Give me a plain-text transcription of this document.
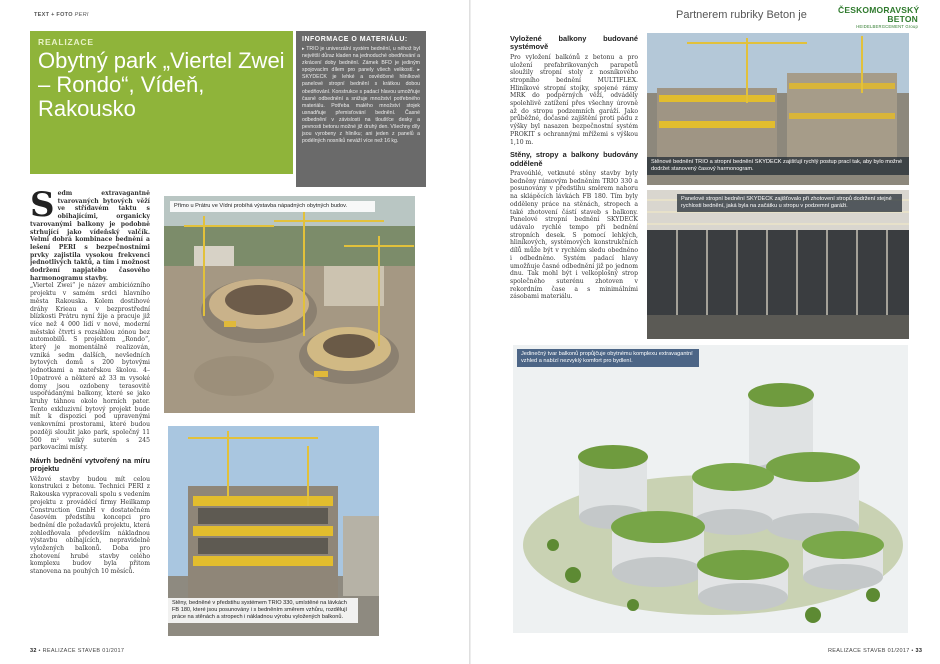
TEXT + FOTO PERI
REALIZACE
Obytný park „Viertel Zwei – Rondo“, Vídeň, Rakousko
INFORMACE O MATERIÁLU:
▸ TRIO je univerzální systém bednění, u něhož byl největší důraz kladen na jednoduché obedňování a zkrácení doby bednění. Zámek BFD je jediným spojovacím dílem pro panely všech velikostí. ▸ SKYDECK je lehké a osvědčené hliníkové panelové stropní bednění s krátkou dobou obedňování. Konstrukce s padací hlavou umožňuje časné odbednění a snižuje množství potřebného materiálu. Potřeba malého množství stojek usnadňuje přemisťování bednění. Časné odbednění v závislosti na tloušťce desky a pevnosti betonu možné již druhý den. Všechny díly jsou vyrobeny z hliníku; ani jeden z panelů a podélných nosníků neváží více než 16 kg.

Sedm extravagantně tvarovaných bytových věží ve střídavém taktu s obihajícími, organicky tvarovanými balkony je podobně strhující jako vídeňský valčík. Velmi dobrá kombinace bednění a lešení PERI s bezpečnostními prvky zajistila vysokou frekvenci jednotlivých taktů, a tím i možnost dodržení napjatého časového harmonogramu stavby.

„Viertel Zwei“ je název ambiciózního projektu v samém srdci hlavního města Rakouska. Kolem dostihové dráhy Krieau a v bezprostřední blízkosti Prátru nyní žije a pracuje již více než 4 000 lidí v nové, moderní městské čtvrti s rozsáhlou zónou bez automobilů. S projektem „Rondo“, který je momentálně realizován, vzniká sedm dalších, nevšedních bytových domů s 200 bytovými jednotkami a mateřskou školou. 4–10patrové a některé až 33 m vysoké domy jsou ozdobeny terasovitě uspořádanými balkony, které se jako kruhy táhnou okolo horních pater. Tento exkluzivní bytový projekt bude mít k dispozici pod upravenými venkovními prostorami, které budou později sloužit jako park, společný 11 500 m² velký suterén s 245 parkovacími místy.

Návrh bednění vytvořený na míru projektu

Věžové stavby budou mít celou konstrukci z betonu. Technici PERI z Rakouska vypracovali spolu s vedením projektu z prováděcí firmy Heilkamp Construction GmbH v dostatečném časovém předstihu koncepci pro bednění dle požadavků projektu, která zohledňovala především nákladnou výstavbu obíhajících, nepravidelně vyložených balkonů. Doba pro zhotovení hrubé stavby celého komplexu budov byla přitom stanovena na pouhých 10 měsíců.

Přímo u Prátru ve Vídni probíhá výstavba nápadných obytných budov.
Stěny, bedněné v předstihu systémem TRIO 330, umístěné na lávkách FB 180, které jsou posunovány i s bedněním směrem vzhůru, rozdělují práce na stěnách a stropech i nákladnou výrobu vyložených balkonů.
32 • REALIZACE STAVEB 01/2017
Partnerem rubriky Beton je	ČESKOMORAVSKÝ
BETON
HEIDELBERGCEMENT Group
Vyložené balkony budované systémově

Pro vyložení balkónů z betonu a pro uložení prefabrikovaných parapetů sloužily stropní stoly z nosníkového stropního bednění MULTIFLEX. Hliníkové stropní stojky, spojené rámy MRK do podpěrných věží, odváděly spolehlivě zatížení přes všechny úrovně až do stropu podzemních garáží. Jako průběžné, dočasné zajištění proti pádu z výšky byl nasazen bezpečnostní systém PROKIT s ochrannými mřížemi s výškou 1,10 m.

Stěny, stropy a balkony budovány odděleně

Pravoúhlé, vetknuté stěny stavby byly bedněny rámovým bedněním TRIO 330 a posunovány v předstihu směrem nahoru na sklápěcích lávkách FB 180. Tím byly odděleny práce na stěnách, stropech a také zhotovení částí staveb s balkony. Panelové stropní bednění SKYDECK udávalo rychlé tempo při bednění stropních desek. S pomocí lehkých, hliníkových, systémových konstrukčních dílů může být v rychlém sledu obedněno i odbedněno. Systém padací hlavy umožňuje časné odbednění již po jednom dnu. Tak mohl být i velkoplošný strop společného suterénu zhotoven v rekordním čase a s minimálními zásobami materiálu.

Stěnové bednění TRIO a stropní bednění SKYDECK zajišťují rychlý postup prací tak, aby bylo možné dodržet stanovený časový harmonogram.
Panelové stropní bednění SKYDECK zajišťovalo při zhotovení stropů dodržení stejné rychlosti bednění, jaká byla na začátku u stropu v podzemní garáži.
Jedinečný tvar balkonů propůjčuje obytnému komplexu extravagantní vzhled a nabízí nezvyklý komfort pro bydlení.
REALIZACE STAVEB 01/2017 • 33
